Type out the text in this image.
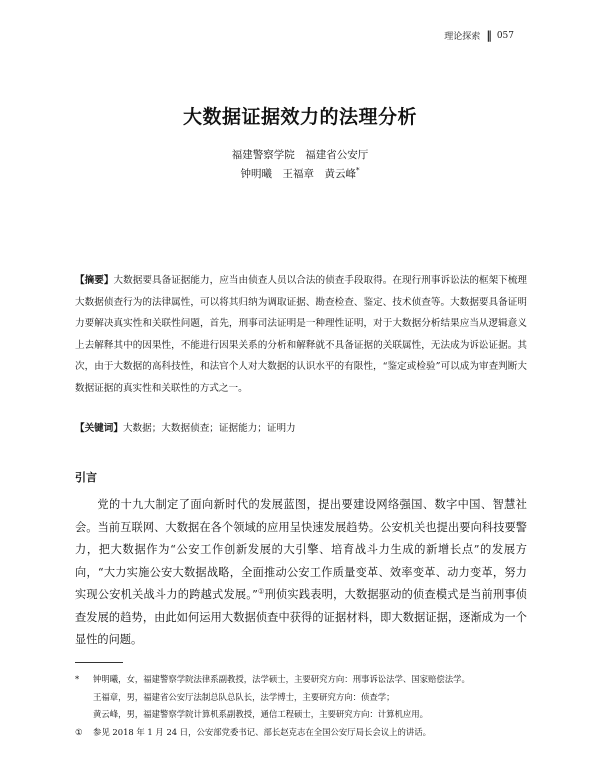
理论探索 ‖ 057
大数据证据效力的法理分析
福建警察学院　福建省公安厅
钟明曦　王福章　黄云峰*
【摘要】大数据要具备证据能力，应当由侦查人员以合法的侦查手段取得。在现行刑事诉讼法的框架下梳理大数据侦查行为的法律属性，可以将其归纳为调取证据、勘查检查、鉴定、技术侦查等。大数据要具备证明力要解决真实性和关联性问题，首先，刑事司法证明是一种理性证明，对于大数据分析结果应当从逻辑意义上去解释其中的因果性，不能进行因果关系的分析和解释就不具备证据的关联属性，无法成为诉讼证据。其次，由于大数据的高科技性，和法官个人对大数据的认识水平的有限性，“鉴定或检验”可以成为审查判断大数据证据的真实性和关联性的方式之一。
【关键词】大数据；大数据侦查；证据能力；证明力
引言

党的十九大制定了面向新时代的发展蓝图，提出要建设网络强国、数字中国、智慧社会。当前互联网、大数据在各个领域的应用呈快速发展趋势。公安机关也提出要向科技要警力，把大数据作为“公安工作创新发展的大引擎、培育战斗力生成的新增长点”的发展方向，“大力实施公安大数据战略，全面推动公安工作质量变革、效率变革、动力变革，努力实现公安机关战斗力的跨越式发展。”①刑侦实践表明，大数据驱动的侦查模式是当前刑事侦查发展的趋势，由此如何运用大数据侦查中获得的证据材料，即大数据证据，逐渐成为一个显性的问题。

* 钟明曦，女，福建警察学院法律系副教授，法学硕士，主要研究方向：刑事诉讼法学、国家赔偿法学。
王福章，男，福建省公安厅法制总队总队长，法学博士，主要研究方向：侦查学；
黄云峰，男，福建警察学院计算机系副教授，通信工程硕士，主要研究方向：计算机应用。
① 参见 2018 年 1 月 24 日，公安部党委书记、部长赵克志在全国公安厅局长会议上的讲话。
